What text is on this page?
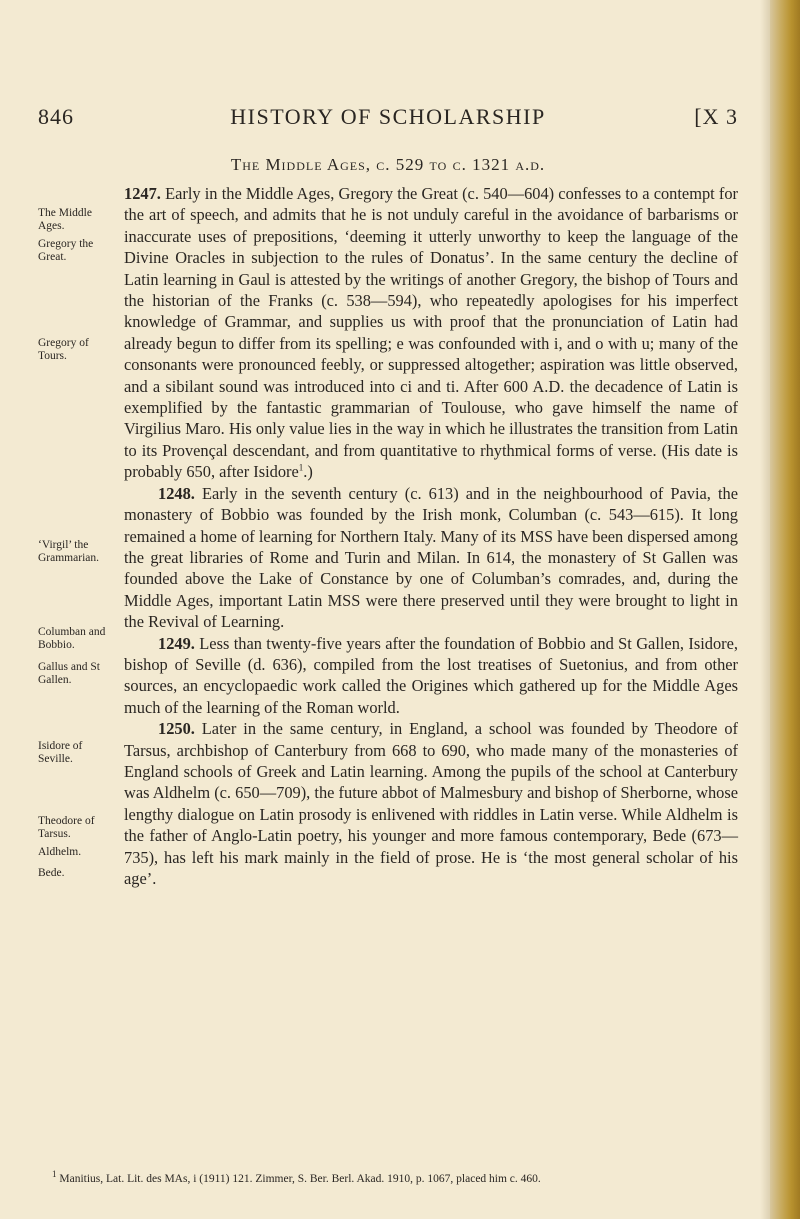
846	HISTORY OF SCHOLARSHIP	[X 3
The Middle Ages, c. 529 to c. 1321 a.d.
The Middle Ages.
Gregory the Great.
Gregory of Tours.
‘Virgil’ the Grammarian.

1247. Early in the Middle Ages, Gregory the Great (c. 540—604) confesses to a contempt for the art of speech, and admits that he is not unduly careful in the avoidance of barbarisms or inaccurate uses of prepositions, ‘deeming it utterly unworthy to keep the language of the Divine Oracles in subjection to the rules of Donatus’. In the same century the decline of Latin learning in Gaul is attested by the writings of another Gregory, the bishop of Tours and the historian of the Franks (c. 538—594), who repeatedly apologises for his imperfect knowledge of Grammar, and supplies us with proof that the pronunciation of Latin had already begun to differ from its spelling; e was confounded with i, and o with u; many of the consonants were pronounced feebly, or suppressed altogether; aspiration was little observed, and a sibilant sound was introduced into ci and ti. After 600 A.D. the decadence of Latin is exemplified by the fantastic grammarian of Toulouse, who gave himself the name of Virgilius Maro. His only value lies in the way in which he illustrates the transition from Latin to its Provençal descendant, and from quantitative to rhythmical forms of verse. (His date is probably 650, after Isidore$^1$.)

Columban and Bobbio.
Gallus and St Gallen.

1248. Early in the seventh century (c. 613) and in the neighbourhood of Pavia, the monastery of Bobbio was founded by the Irish monk, Columban (c. 543—615). It long remained a home of learning for Northern Italy. Many of its MSS have been dispersed among the great libraries of Rome and Turin and Milan. In 614, the monastery of St Gallen was founded above the Lake of Constance by one of Columban’s comrades, and, during the Middle Ages, important Latin MSS were there preserved until they were brought to light in the Revival of Learning.

Isidore of Seville.

1249. Less than twenty-five years after the foundation of Bobbio and St Gallen, Isidore, bishop of Seville (d. 636), compiled from the lost treatises of Suetonius, and from other sources, an encyclopaedic work called the Origines which gathered up for the Middle Ages much of the learning of the Roman world.

Theodore of Tarsus.
Aldhelm.
Bede.

1250. Later in the same century, in England, a school was founded by Theodore of Tarsus, archbishop of Canterbury from 668 to 690, who made many of the monasteries of England schools of Greek and Latin learning. Among the pupils of the school at Canterbury was Aldhelm (c. 650—709), the future abbot of Malmesbury and bishop of Sherborne, whose lengthy dialogue on Latin prosody is enlivened with riddles in Latin verse. While Aldhelm is the father of Anglo-Latin poetry, his younger and more famous contemporary, Bede (673—735), has left his mark mainly in the field of prose. He is ‘the most general scholar of his age’.

$^1$ Manitius, Lat. Lit. des MAs, i (1911) 121. Zimmer, S. Ber. Berl. Akad. 1910, p. 1067, placed him c. 460.
